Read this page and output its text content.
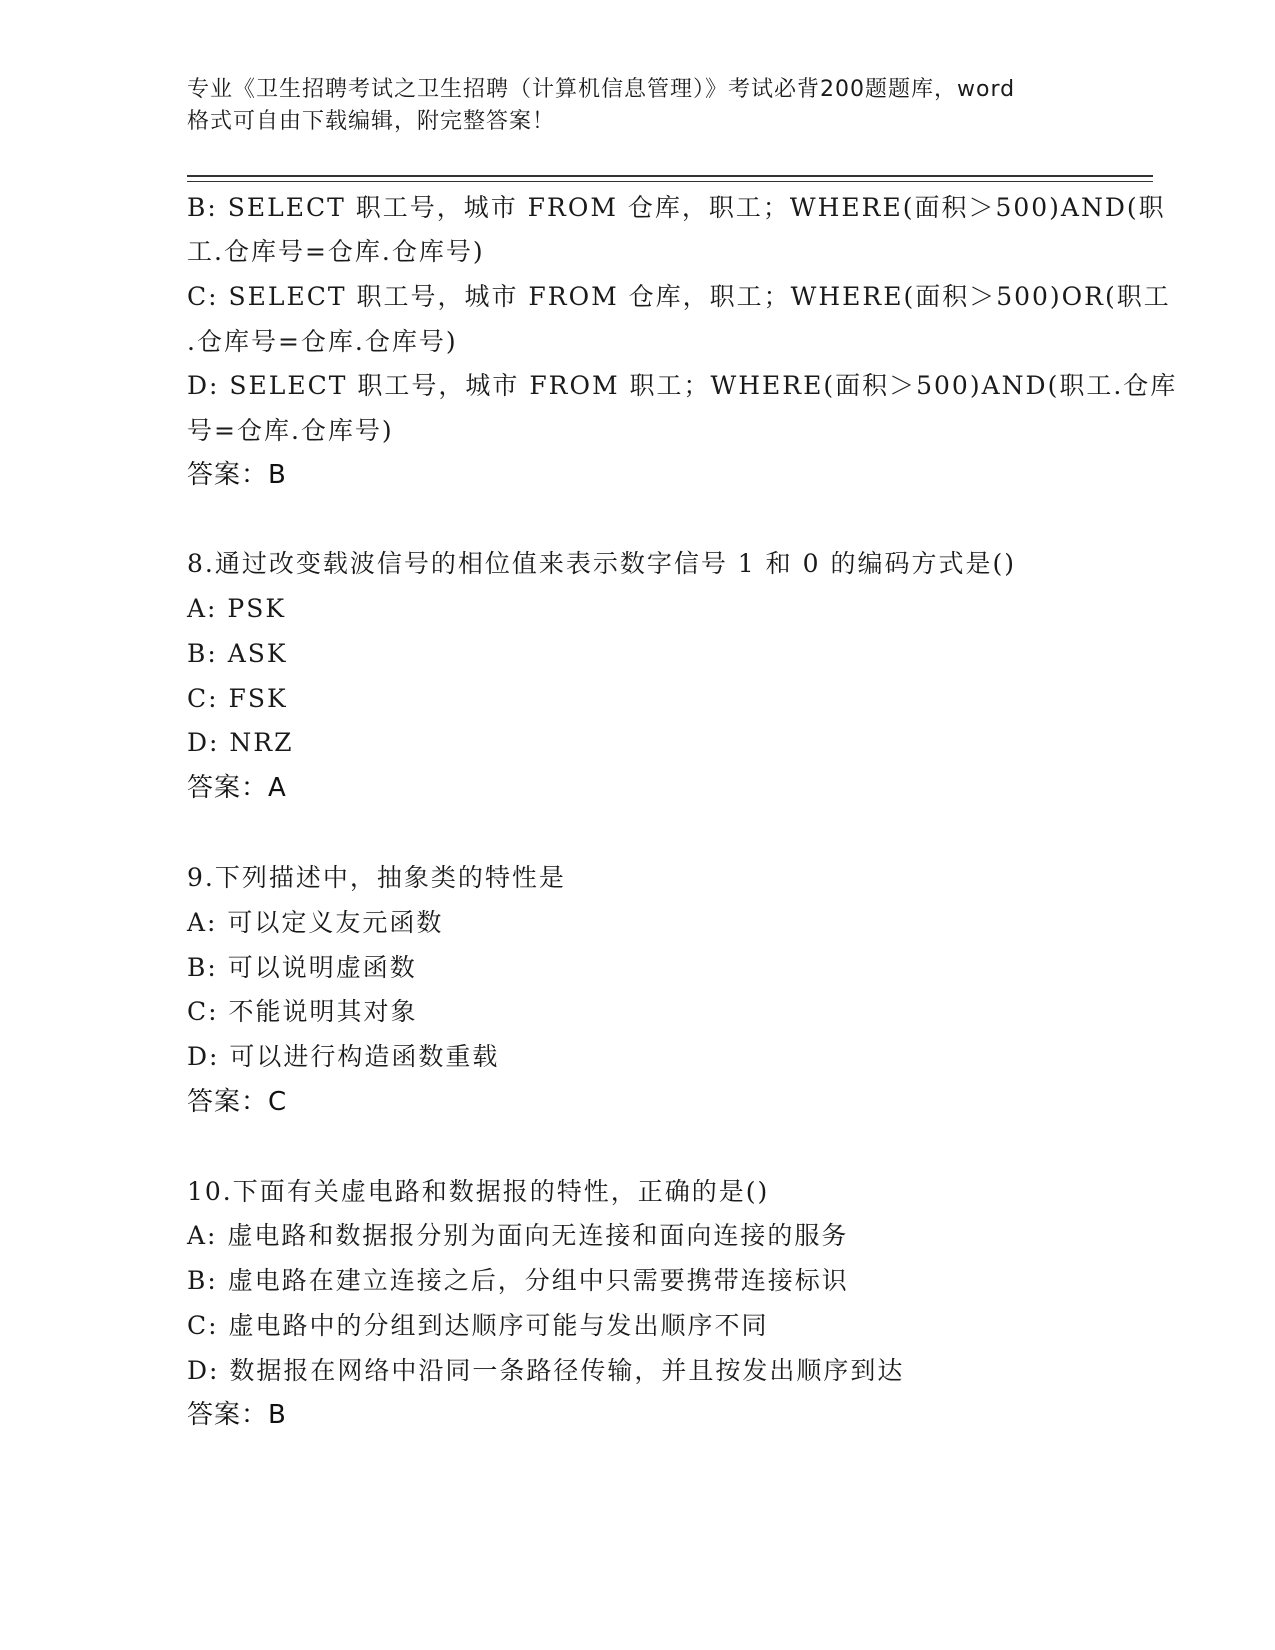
专业《卫生招聘考试之卫生招聘（计算机信息管理）》考试必背200题题库，word
格式可自由下载编辑，附完整答案！
B: SELECT 职工号，城市 FROM 仓库，职工；WHERE(面积＞500)AND(职
工.仓库号=仓库.仓库号)
C: SELECT 职工号，城市 FROM 仓库，职工；WHERE(面积＞500)OR(职工
.仓库号=仓库.仓库号)
D: SELECT 职工号，城市 FROM 职工；WHERE(面积＞500)AND(职工.仓库
号=仓库.仓库号)
答案：B
8.通过改变载波信号的相位值来表示数字信号 1 和 0 的编码方式是()
A: PSK
B: ASK
C: FSK
D: NRZ
答案：A
9.下列描述中，抽象类的特性是
A: 可以定义友元函数
B: 可以说明虚函数
C: 不能说明其对象
D: 可以进行构造函数重载
答案：C
10.下面有关虚电路和数据报的特性，正确的是()
A: 虚电路和数据报分别为面向无连接和面向连接的服务
B: 虚电路在建立连接之后，分组中只需要携带连接标识
C: 虚电路中的分组到达顺序可能与发出顺序不同
D: 数据报在网络中沿同一条路径传输，并且按发出顺序到达
答案：B
